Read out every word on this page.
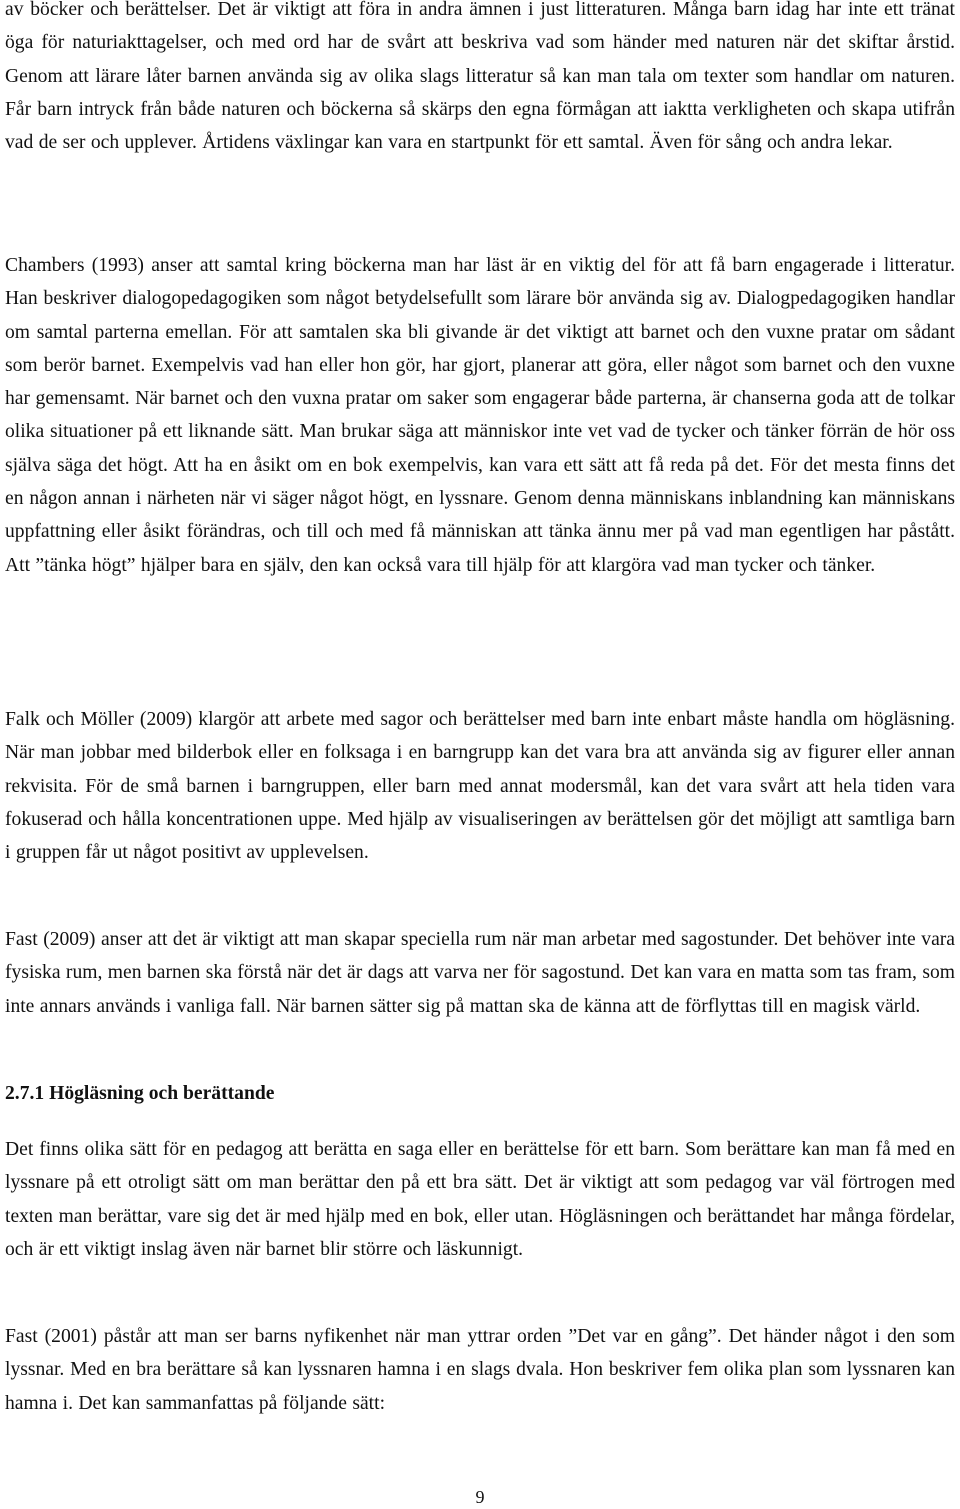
av böcker och berättelser. Det är viktigt att föra in andra ämnen i just litteraturen. Många barn idag har inte ett tränat öga för naturiakttagelser, och med ord har de svårt att beskriva vad som händer med naturen när det skiftar årstid. Genom att lärare låter barnen använda sig av olika slags litteratur så kan man tala om texter som handlar om naturen. Får barn intryck från både naturen och böckerna så skärps den egna förmågan att iaktta verkligheten och skapa utifrån vad de ser och upplever. Årtidens växlingar kan vara en startpunkt för ett samtal. Även för sång och andra lekar.

Chambers (1993) anser att samtal kring böckerna man har läst är en viktig del för att få barn engagerade i litteratur. Han beskriver dialogopedagogiken som något betydelsefullt som lärare bör använda sig av. Dialogpedagogiken handlar om samtal parterna emellan. För att samtalen ska bli givande är det viktigt att barnet och den vuxne pratar om sådant som berör barnet. Exempelvis vad han eller hon gör, har gjort, planerar att göra, eller något som barnet och den vuxne har gemensamt. När barnet och den vuxna pratar om saker som engagerar både parterna, är chanserna goda att de tolkar olika situationer på ett liknande sätt. Man brukar säga att människor inte vet vad de tycker och tänker förrän de hör oss själva säga det högt. Att ha en åsikt om en bok exempelvis, kan vara ett sätt att få reda på det. För det mesta finns det en någon annan i närheten när vi säger något högt, en lyssnare. Genom denna människans inblandning kan människans uppfattning eller åsikt förändras, och till och med få människan att tänka ännu mer på vad man egentligen har påstått. Att ”tänka högt” hjälper bara en själv, den kan också vara till hjälp för att klargöra vad man tycker och tänker.

Falk och Möller (2009) klargör att arbete med sagor och berättelser med barn inte enbart måste handla om högläsning. När man jobbar med bilderbok eller en folksaga i en barngrupp kan det vara bra att använda sig av figurer eller annan rekvisita. För de små barnen i barngruppen, eller barn med annat modersmål, kan det vara svårt att hela tiden vara fokuserad och hålla koncentrationen uppe. Med hjälp av visualiseringen av berättelsen gör det möjligt att samtliga barn i gruppen får ut något positivt av upplevelsen.

Fast (2009) anser att det är viktigt att man skapar speciella rum när man arbetar med sagostunder. Det behöver inte vara fysiska rum, men barnen ska förstå när det är dags att varva ner för sagostund. Det kan vara en matta som tas fram, som inte annars används i vanliga fall. När barnen sätter sig på mattan ska de känna att de förflyttas till en magisk värld.

2.7.1 Högläsning och berättande

Det finns olika sätt för en pedagog att berätta en saga eller en berättelse för ett barn. Som berättare kan man få med en lyssnare på ett otroligt sätt om man berättar den på ett bra sätt. Det är viktigt att som pedagog var väl förtrogen med texten man berättar, vare sig det är med hjälp med en bok, eller utan. Högläsningen och berättandet har många fördelar, och är ett viktigt inslag även när barnet blir större och läskunnigt.

Fast (2001) påstår att man ser barns nyfikenhet när man yttrar orden ”Det var en gång”. Det händer något i den som lyssnar. Med en bra berättare så kan lyssnaren hamna i en slags dvala. Hon beskriver fem olika plan som lyssnaren kan hamna i. Det kan sammanfattas på följande sätt:

9
